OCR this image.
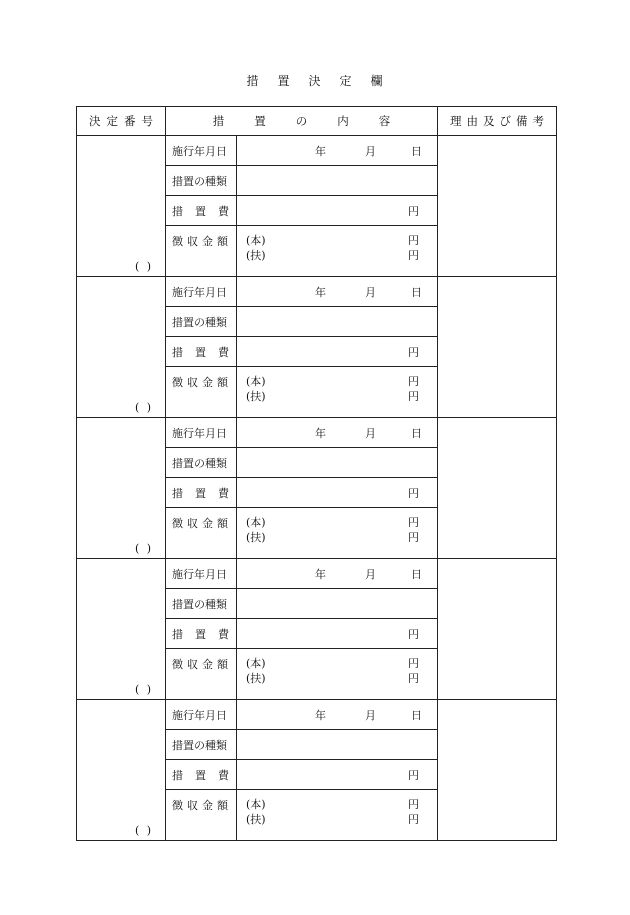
措 置 決 定 欄
決 定 番 号	措 置 の 内 容		理 由 及 び 備 考

( )	施行年月日	年 月 日	

	措置の種類		
	措 置 費	円	

	徴 収 金 額	(本) 円
(扶) 円	

( )	施行年月日	年 月 日	

	措置の種類		
	措 置 費	円	

	徴 収 金 額	(本) 円
(扶) 円	

( )	施行年月日	年 月 日	

	措置の種類		
	措 置 費	円	

	徴 収 金 額	(本) 円
(扶) 円	

( )	施行年月日	年 月 日	

	措置の種類		
	措 置 費	円	

	徴 収 金 額	(本) 円
(扶) 円	

( )	施行年月日	年 月 日	

	措置の種類		
	措 置 費	円	

	徴 収 金 額	(本) 円
(扶) 円	
